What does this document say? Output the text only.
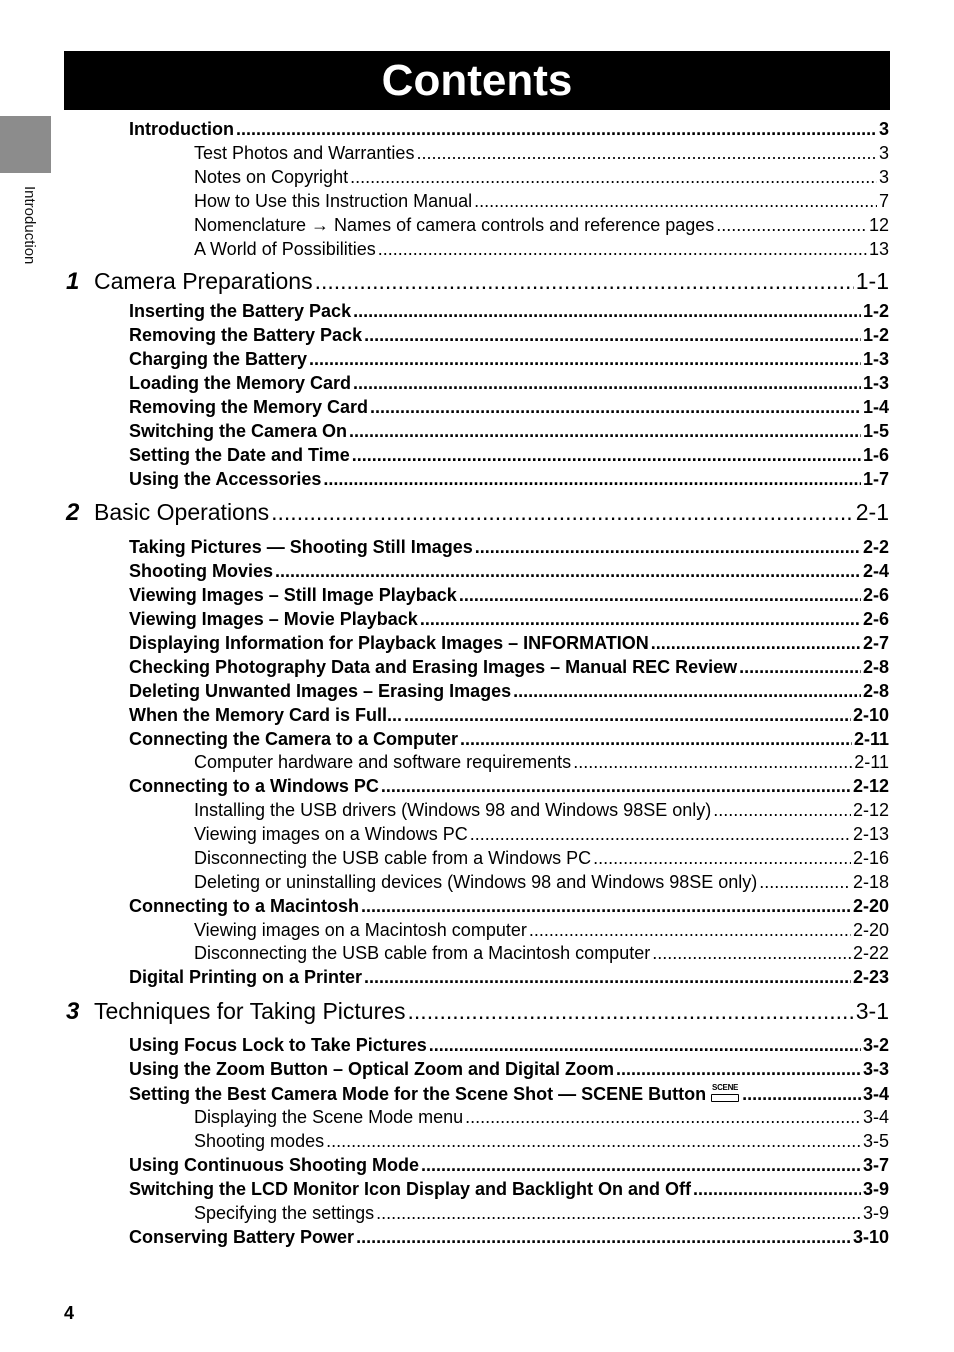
Contents
Introduction
Introduction .....	3
Test Photos and Warranties .....	3
Notes on Copyright .....	3
How to Use this Instruction Manual .....	7
Nomenclature → Names of camera controls and reference pages .....	12
A World of Possibilities .....	13
1 Camera Preparations .....	1-1
Inserting the Battery Pack .....	1-2
Removing the Battery Pack .....	1-2
Charging the Battery .....	1-3
Loading the Memory Card .....	1-3
Removing the Memory Card .....	1-4
Switching the Camera On .....	1-5
Setting the Date and Time .....	1-6
Using the Accessories .....	1-7
2 Basic Operations .....	2-1
Taking Pictures — Shooting Still Images .....	2-2
Shooting Movies .....	2-4
Viewing Images – Still Image Playback .....	2-6
Viewing Images – Movie Playback .....	2-6
Displaying Information for Playback Images – INFORMATION .....	2-7
Checking Photography Data and Erasing Images – Manual REC Review .....	2-8
Deleting Unwanted Images – Erasing Images .....	2-8
When the Memory Card is Full... .....	2-10
Connecting the Camera to a Computer .....	2-11
Computer hardware and software requirements .....	2-11
Connecting to a Windows PC .....	2-12
Installing the USB drivers (Windows 98 and Windows 98SE only) .....	2-12
Viewing images on a Windows PC .....	2-13
Disconnecting the USB cable from a Windows PC .....	2-16
Deleting or uninstalling devices (Windows 98 and Windows 98SE only) .....	2-18
Connecting to a Macintosh .....	2-20
Viewing images on a Macintosh computer .....	2-20
Disconnecting the USB cable from a Macintosh computer .....	2-22
Digital Printing on a Printer .....	2-23
3 Techniques for Taking Pictures .....	3-1
Using Focus Lock to Take Pictures .....	3-2
Using the Zoom Button – Optical Zoom and Digital Zoom .....	3-3
Setting the Best Camera Mode for the Scene Shot — SCENE Button SCENE .....	3-4
Displaying the Scene Mode menu .....	3-4
Shooting modes .....	3-5
Using Continuous Shooting Mode .....	3-7
Switching the LCD Monitor Icon Display and Backlight On and Off .....	3-9
Specifying the settings .....	3-9
Conserving Battery Power .....	3-10
4
